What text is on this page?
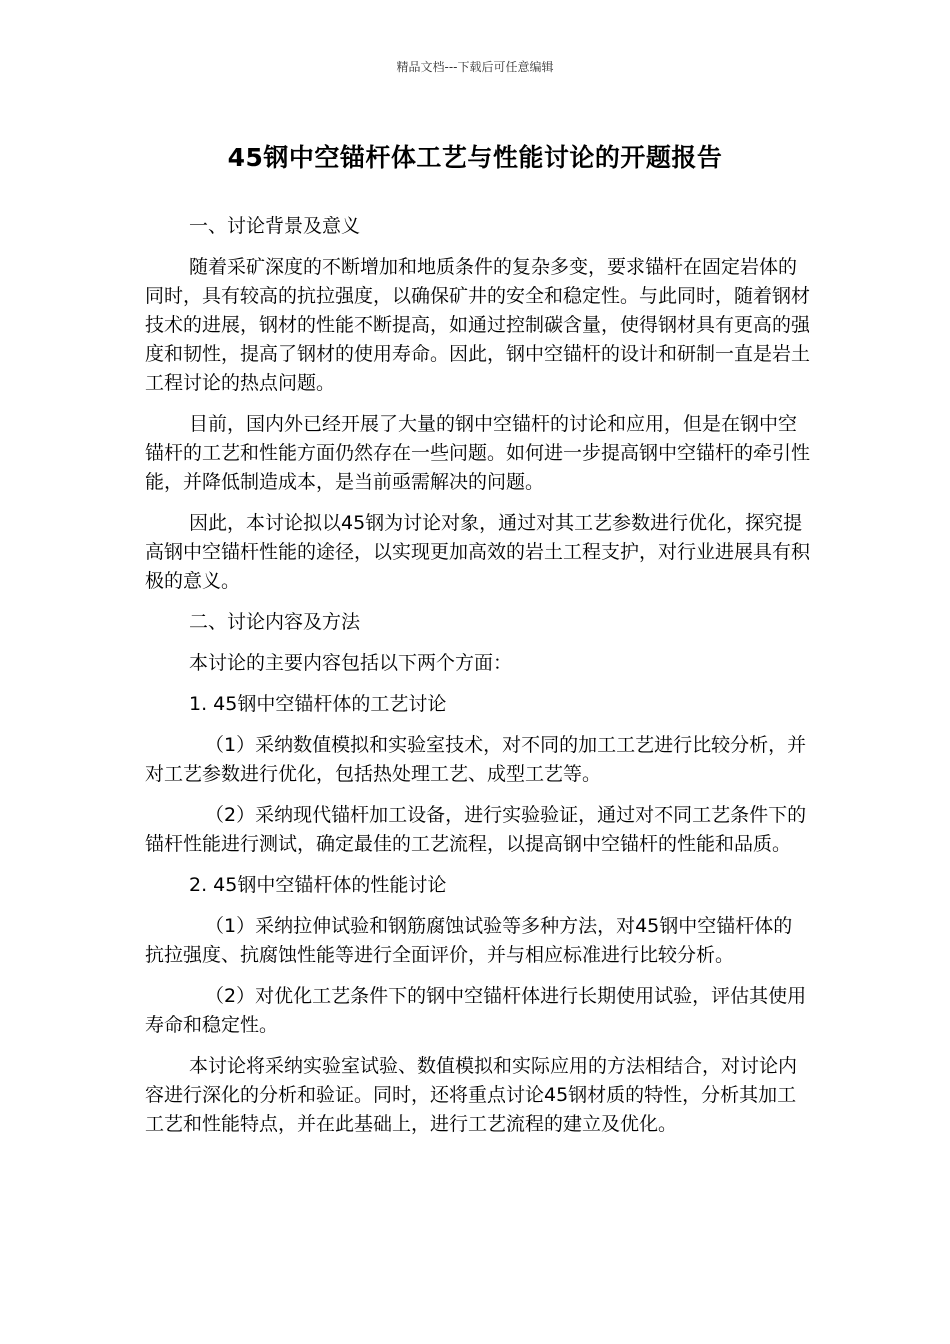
精品文档---下载后可任意编辑
45钢中空锚杆体工艺与性能讨论的开题报告

一、讨论背景及意义

随着采矿深度的不断增加和地质条件的复杂多变，要求锚杆在固定岩体的同时，具有较高的抗拉强度，以确保矿井的安全和稳定性。与此同时，随着钢材技术的进展，钢材的性能不断提高，如通过控制碳含量，使得钢材具有更高的强度和韧性，提高了钢材的使用寿命。因此，钢中空锚杆的设计和研制一直是岩土工程讨论的热点问题。

目前，国内外已经开展了大量的钢中空锚杆的讨论和应用，但是在钢中空锚杆的工艺和性能方面仍然存在一些问题。如何进一步提高钢中空锚杆的牵引性能，并降低制造成本，是当前亟需解决的问题。

因此，本讨论拟以45钢为讨论对象，通过对其工艺参数进行优化，探究提高钢中空锚杆性能的途径，以实现更加高效的岩土工程支护，对行业进展具有积极的意义。

二、讨论内容及方法

本讨论的主要内容包括以下两个方面：

1. 45钢中空锚杆体的工艺讨论

（1）采纳数值模拟和实验室技术，对不同的加工工艺进行比较分析，并对工艺参数进行优化，包括热处理工艺、成型工艺等。

（2）采纳现代锚杆加工设备，进行实验验证，通过对不同工艺条件下的锚杆性能进行测试，确定最佳的工艺流程，以提高钢中空锚杆的性能和品质。

2. 45钢中空锚杆体的性能讨论

（1）采纳拉伸试验和钢筋腐蚀试验等多种方法，对45钢中空锚杆体的抗拉强度、抗腐蚀性能等进行全面评价，并与相应标准进行比较分析。

（2）对优化工艺条件下的钢中空锚杆体进行长期使用试验，评估其使用寿命和稳定性。

本讨论将采纳实验室试验、数值模拟和实际应用的方法相结合，对讨论内容进行深化的分析和验证。同时，还将重点讨论45钢材质的特性，分析其加工工艺和性能特点，并在此基础上，进行工艺流程的建立及优化。
